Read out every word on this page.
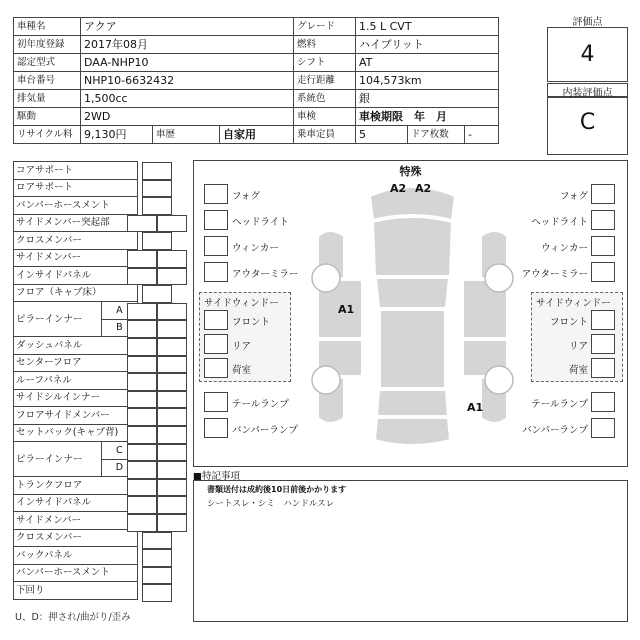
車種名	アクア	グレード	1.5 L CVT
初年度登録	2017年08月	燃料	ハイブリット
認定型式	DAA-NHP10	シフト	AT
車台番号	NHP10-6632432	走行距離	104,573km
排気量	1,500cc	系統色	銀
駆動	2WD	車検	車検期限　年　月
リサイクル料	9,130円	車歴	自家用
		乗車定員	5	ドア枚数	-
評価点
4
内装評価点
C
コアサポート	
ロアサポート	
バンパーホースメント	
サイドメンバー突起部	
クロスメンバー	
サイドメンバー	
インサイドパネル	
フロア（キャブ床）	
ピラーインナー	A
	B
ダッシュパネル	
センターフロア	
ルーフパネル	
サイドシルインナー	
フロアサイドメンバー	
セットバック(キャブ背)	
ピラーインナー	C
	D
トランクフロア	
インサイドパネル	
サイドメンバー	
クロスメンバー	
バックパネル	
バンパーホースメント	
下回り	
U、D：押され/曲がり/歪み
特殊
サイドウィンドー	サイドウィンドー
A2 A2
A1
A1
フォグ	フォグ
ヘッドライト	ヘッドライト
ウィンカー	ウィンカー
アウターミラー	アウターミラー
フロント	フロント
リア	リア
荷室	荷室
テールランプ	テールランプ
バンパーランプ	バンパーランプ
■特記事項
書類送付は成約後10日前後かかります
シートスレ・シミ　ハンドルスレ
